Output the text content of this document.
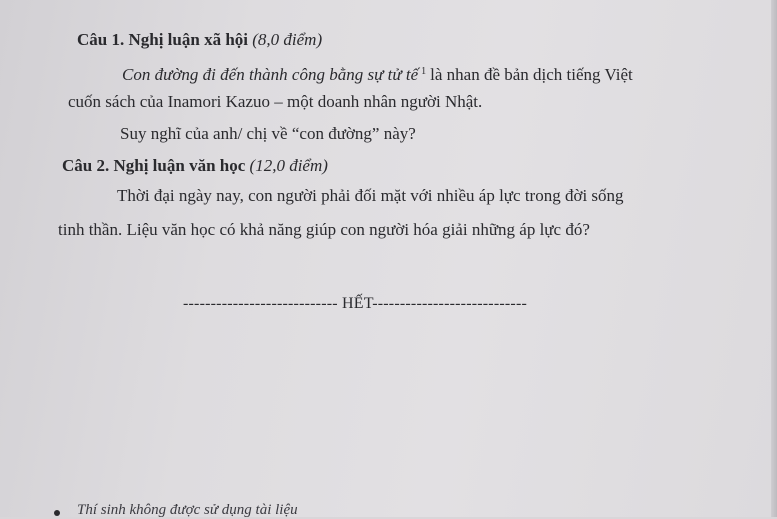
Câu 1. Nghị luận xã hội (8,0 điểm)
Con đường đi đến thành công bằng sự tử tế $^1$ là nhan đề bản dịch tiếng Việt
cuốn sách của Inamori Kazuo – một doanh nhân người Nhật.
Suy nghĩ của anh/ chị về “con đường” này?
Câu 2. Nghị luận văn học (12,0 điểm)
Thời đại ngày nay, con người phải đối mặt với nhiều áp lực trong đời sống
tinh thần. Liệu văn học có khả năng giúp con người hóa giải những áp lực đó?
---------------------------- HẾT----------------------------
Thí sinh không được sử dụng tài liệu
